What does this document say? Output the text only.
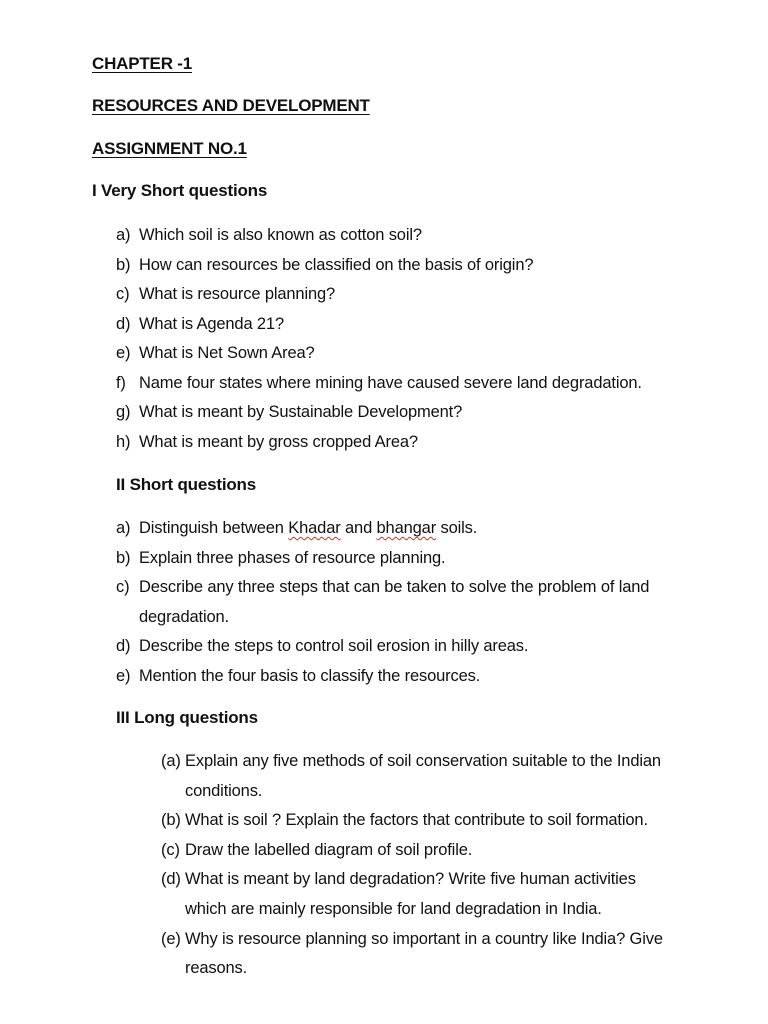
CHAPTER -1
RESOURCES AND DEVELOPMENT
ASSIGNMENT NO.1
I Very Short questions
a) Which soil is also known as cotton soil?
b) How can resources be classified on the basis of origin?
c) What is resource planning?
d) What is Agenda 21?
e) What is Net Sown Area?
f) Name four states where mining have caused severe land degradation.
g) What is meant by Sustainable Development?
h) What is meant by gross cropped Area?
II Short questions
a) Distinguish between Khadar and bhangar soils.
b) Explain three phases of resource planning.
c) Describe any three steps that can be taken to solve the problem of land
degradation.
d) Describe the steps to control soil erosion in hilly areas.
e) Mention the four basis to classify the resources.
III Long questions
(a) Explain any five methods of soil conservation suitable to the Indian
conditions.
(b) What is soil ? Explain the factors that contribute to soil formation.
(c) Draw the labelled diagram of soil profile.
(d) What is meant by land degradation? Write five human activities
which are mainly responsible for land degradation in India.
(e) Why is resource planning so important in a country like India? Give
reasons.
